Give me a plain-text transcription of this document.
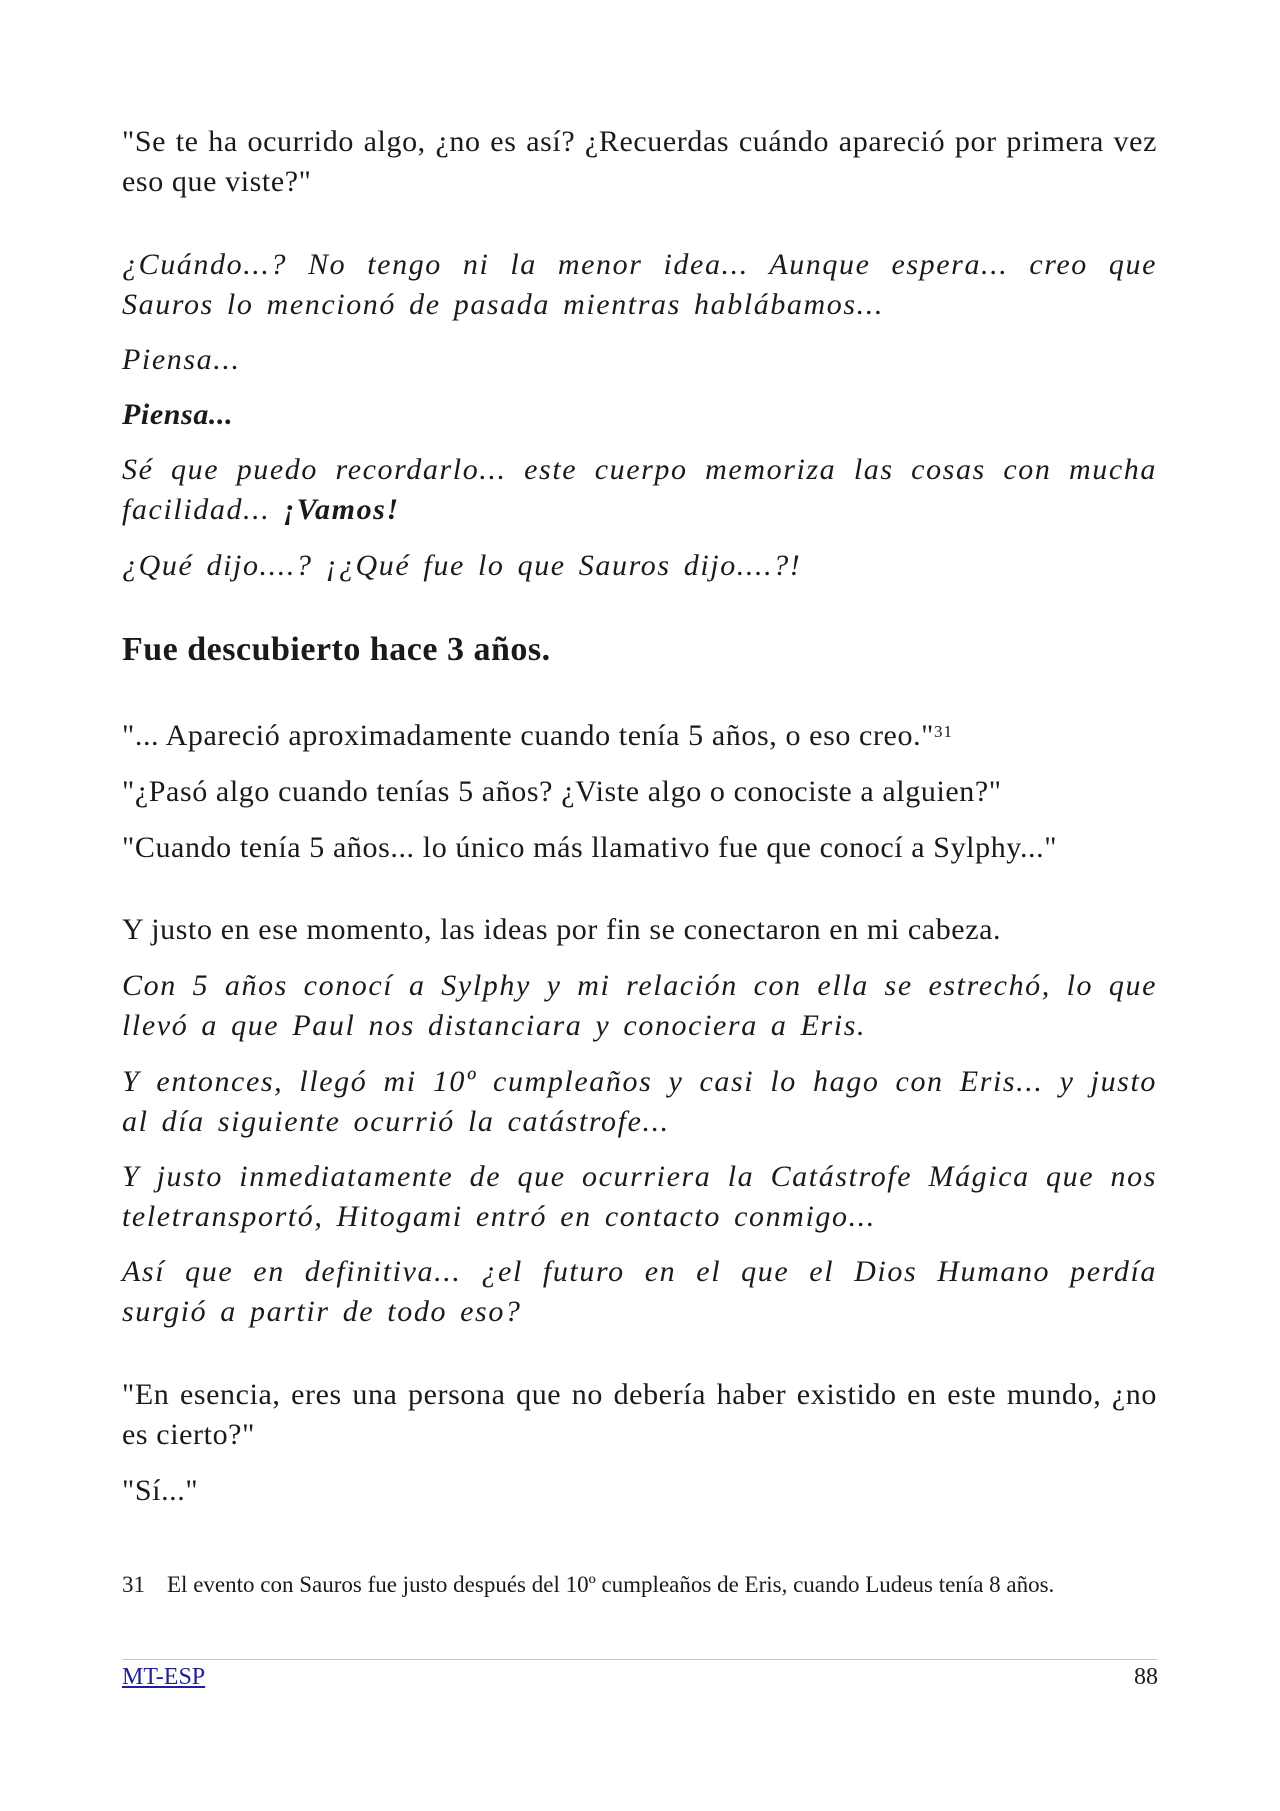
"Se te ha ocurrido algo, ¿no es así? ¿Recuerdas cuándo apareció por primera vez eso que viste?"

¿Cuándo...? No tengo ni la menor idea... Aunque espera... creo que Sauros lo mencionó de pasada mientras hablábamos...

Piensa...

Piensa...

Sé que puedo recordarlo... este cuerpo memoriza las cosas con mucha facilidad... ¡Vamos!

¿Qué dijo....? ¡¿Qué fue lo que Sauros dijo....?!

Fue descubierto hace 3 años.

"... Apareció aproximadamente cuando tenía 5 años, o eso creo."$^{31}$

"¿Pasó algo cuando tenías 5 años? ¿Viste algo o conociste a alguien?"

"Cuando tenía 5 años... lo único más llamativo fue que conocí a Sylphy..."

Y justo en ese momento, las ideas por fin se conectaron en mi cabeza.

Con 5 años conocí a Sylphy y mi relación con ella se estrechó, lo que llevó a que Paul nos distanciara y conociera a Eris.

Y entonces, llegó mi 10º cumpleaños y casi lo hago con Eris... y justo al día siguiente ocurrió la catástrofe...

Y justo inmediatamente de que ocurriera la Catástrofe Mágica que nos teletransportó, Hitogami entró en contacto conmigo...

Así que en definitiva... ¿el futuro en el que el Dios Humano perdía surgió a partir de todo eso?

"En esencia, eres una persona que no debería haber existido en este mundo, ¿no es cierto?"

"Sí..."

31 El evento con Sauros fue justo después del 10º cumpleaños de Eris, cuando Ludeus tenía 8 años.
MT-ESP	88
